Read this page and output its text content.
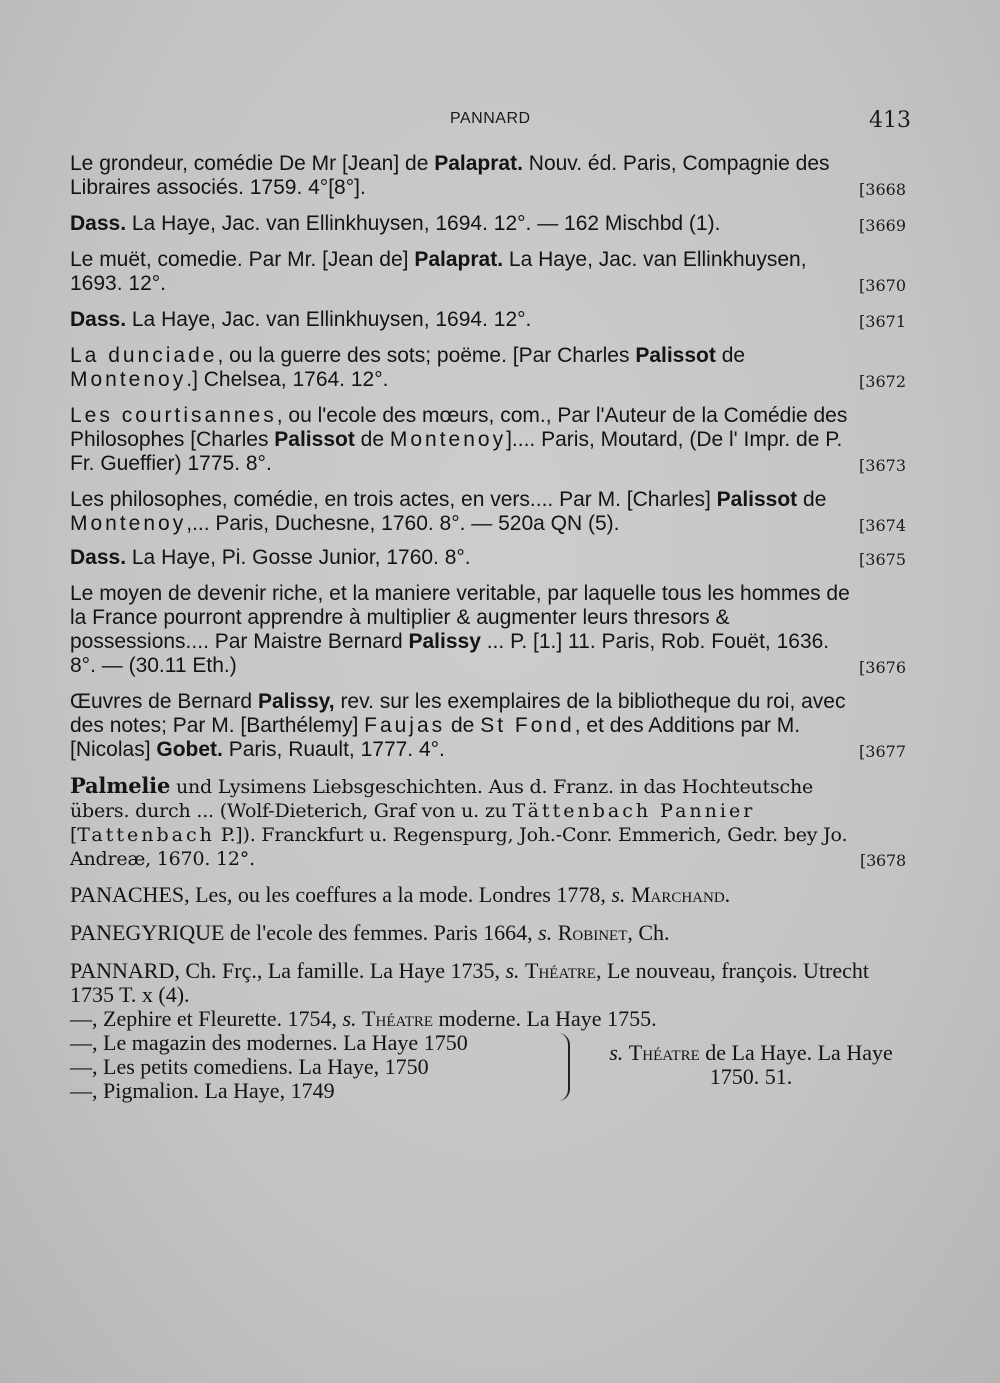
PANNARD	413

Le grondeur, comédie De Mr [Jean] de Palaprat. Nouv. éd. Paris, Compagnie des Libraires associés. 1759. 4°[8°].	[3668

Dass. La Haye, Jac. van Ellinkhuysen, 1694. 12°. — 162 Mischbd (1).	[3669

Le muët, comedie. Par Mr. [Jean de] Palaprat. La Haye, Jac. van Ellinkhuysen, 1693. 12°.	[3670

Dass. La Haye, Jac. van Ellinkhuysen, 1694. 12°.	[3671

La dunciade, ou la guerre des sots; poëme. [Par Charles Palissot de Montenoy.] Chelsea, 1764. 12°.	[3672

Les courtisannes, ou l'ecole des mœurs, com., Par l'Auteur de la Comédie des Philosophes [Charles Palissot de Montenoy].... Paris, Moutard, (De l' Impr. de P. Fr. Gueffier) 1775. 8°.	[3673

Les philosophes, comédie, en trois actes, en vers.... Par M. [Charles] Palissot de Montenoy,... Paris, Duchesne, 1760. 8°. — 520a QN (5).	[3674

Dass. La Haye, Pi. Gosse Junior, 1760. 8°.	[3675

Le moyen de devenir riche, et la maniere veritable, par laquelle tous les hommes de la France pourront apprendre à multiplier & augmenter leurs thresors & possessions.... Par Maistre Bernard Palissy ... P. [1.] 11. Paris, Rob. Fouët, 1636. 8°. — (30.11 Eth.)	[3676

Œuvres de Bernard Palissy, rev. sur les exemplaires de la bibliotheque du roi, avec des notes; Par M. [Barthélemy] Faujas de St Fond, et des Additions par M. [Nicolas] Gobet. Paris, Ruault, 1777. 4°.	[3677

Palmelie und Lysimens Liebsgeschichten. Aus d. Franz. in das Hochteutsche übers. durch ... (Wolf-Dieterich, Graf von u. zu Tättenbach Pannier [Tattenbach P.]). Franckfurt u. Regenspurg, Joh.-Conr. Emmerich, Gedr. bey Jo. Andreæ, 1670. 12°.	[3678

PANACHES, Les, ou les coeffures a la mode. Londres 1778, s. Marchand.

PANEGYRIQUE de l'ecole des femmes. Paris 1664, s. Robinet, Ch.

PANNARD, Ch. Frç., La famille. La Haye 1735, s. Théatre, Le nouveau, françois. Utrecht 1735 T. x (4).

—, Zephire et Fleurette. 1754, s. Théatre moderne. La Haye 1755.

—, Le magazin des modernes. La Haye 1750

—, Les petits comediens. La Haye, 1750

—, Pigmalion. La Haye, 1749

s. Théatre de La Haye. La Haye 1750. 51.
